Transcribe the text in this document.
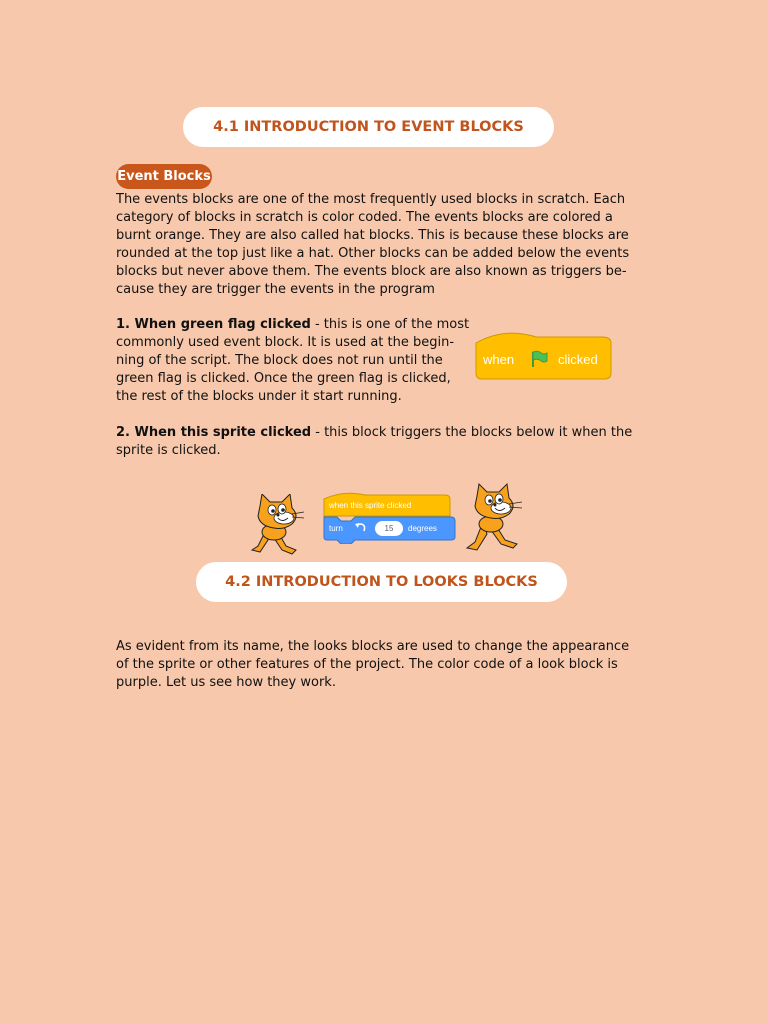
4.1 INTRODUCTION TO EVENT BLOCKS
Event Blocks
The events blocks are one of the most frequently used blocks in scratch. Each
category of blocks in scratch is color coded. The events blocks are colored a
burnt orange. They are also called hat blocks. This is because these blocks are
rounded at the top just like a hat. Other blocks can be added below the events
blocks but never above them. The events block are also known as triggers be-
cause they are trigger the events in the program
1. When green flag clicked - this is one of the most
commonly used event block. It is used at the begin-
ning of the script. The block does not run until the
green flag is clicked. Once the green flag is clicked,
the rest of the blocks under it start running.
when	clicked
2. When this sprite clicked - this block triggers the blocks below it when the
sprite is clicked.
when this sprite clicked
turn	15	degrees
4.2 INTRODUCTION TO LOOKS BLOCKS
As evident from its name, the looks blocks are used to change the appearance
of the sprite or other features of the project. The color code of a look block is
purple. Let us see how they work.
